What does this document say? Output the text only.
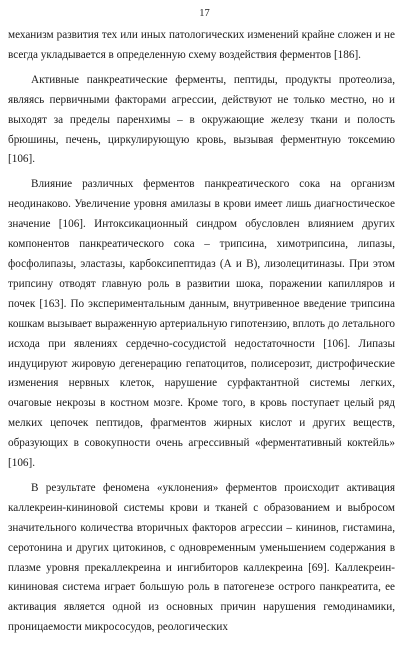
17

механизм развития тех или иных патологических изменений крайне сложен и не всегда укладывается в определенную схему воздействия ферментов [186].

Активные панкреатические ферменты, пептиды, продукты протеолиза, являясь первичными факторами агрессии, действуют не только местно, но и выходят за пределы паренхимы – в окружающие железу ткани и полость брюшины, печень, циркулирующую кровь, вызывая ферментную токсемию [106].

Влияние различных ферментов панкреатического сока на организм неодинаково. Увеличение уровня амилазы в крови имеет лишь диагностическое значение [106]. Интоксикационный синдром обусловлен влиянием других компонентов панкреатического сока – трипсина, химотрипсина, липазы, фосфолипазы, эластазы, карбоксипептидаз (А и В), лизолецитиназы. При этом трипсину отводят главную роль в развитии шока, поражении капилляров и почек [163]. По экспериментальным данным, внутривенное введение трипсина кошкам вызывает выраженную артериальную гипотензию, вплоть до летального исхода при явлениях сердечно-сосудистой недостаточности [106]. Липазы индуцируют жировую дегенерацию гепатоцитов, полисерозит, дистрофические изменения нервных клеток, нарушение сурфактантной системы легких, очаговые некрозы в костном мозге. Кроме того, в кровь поступает целый ряд мелких цепочек пептидов, фрагментов жирных кислот и других веществ, образующих в совокупности очень агрессивный «ферментативный коктейль» [106].

В результате феномена «уклонения» ферментов происходит активация каллекреин-кининовой системы крови и тканей с образованием и выбросом значительного количества вторичных факторов агрессии – кининов, гистамина, серотонина и других цитокинов, с одновременным уменьшением содержания в плазме уровня прекаллекреина и ингибиторов каллекреина [69]. Каллекреин-кининовая система играет большую роль в патогенезе острого панкреатита, ее активация является одной из основных причин нарушения гемодинамики, проницаемости микрососудов, реологических
